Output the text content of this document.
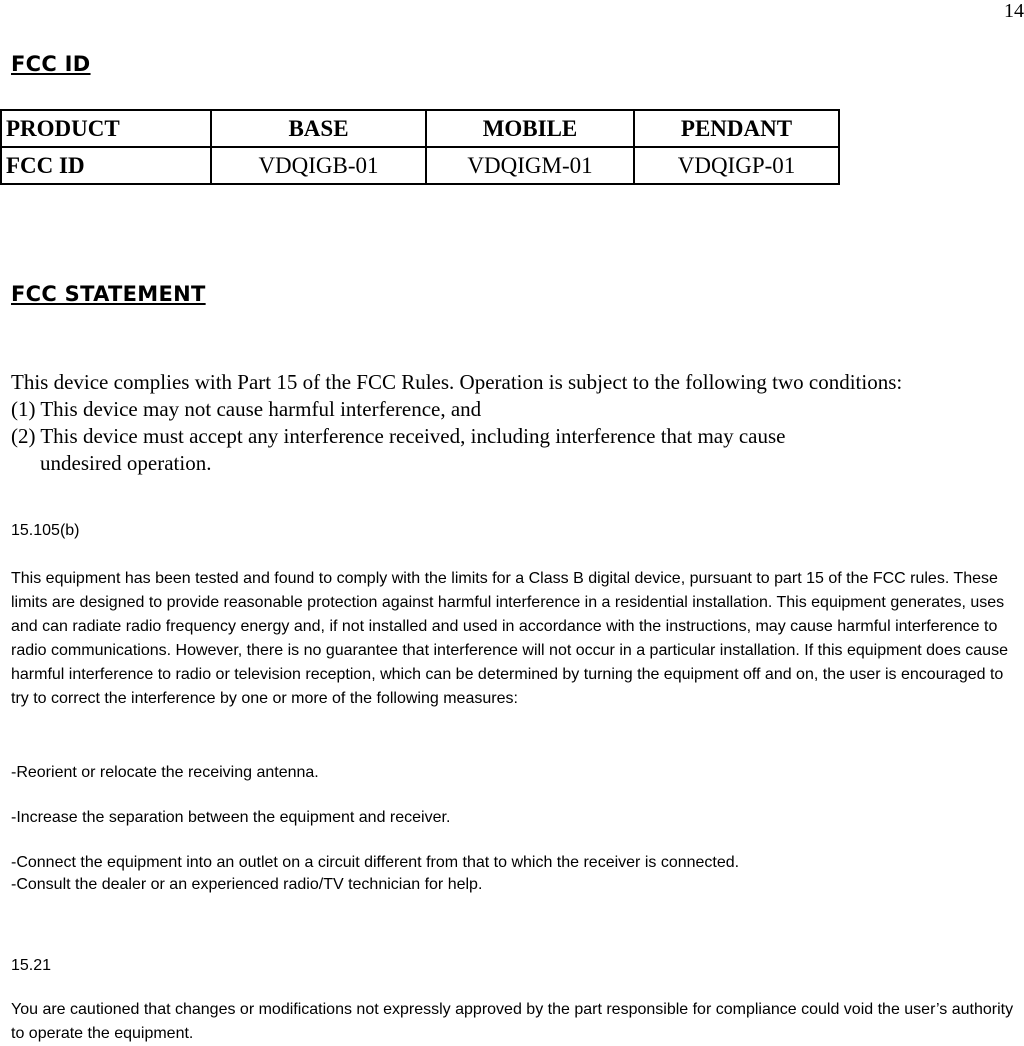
14
FCC ID
PRODUCT	BASE	MOBILE	PENDANT
FCC ID	VDQIGB-01	VDQIGM-01	VDQIGP-01
FCC STATEMENT
This device complies with Part 15 of the FCC Rules. Operation is subject to the following two conditions:
(1) This device may not cause harmful interference, and
(2) This device must accept any interference received, including interference that may cause
undesired operation.

15.105(b)

This equipment has been tested and found to comply with the limits for a Class B digital device, pursuant to part 15 of the FCC rules. These limits are designed to provide reasonable protection against harmful interference in a residential installation. This equipment generates, uses and can radiate radio frequency energy and, if not installed and used in accordance with the instructions, may cause harmful interference to radio communications. However, there is no guarantee that interference will not occur in a particular installation. If this equipment does cause harmful interference to radio or television reception, which can be determined by turning the equipment off and on, the user is encouraged to try to correct the interference by one or more of the following measures:

-Reorient or relocate the receiving antenna.

-Increase the separation between the equipment and receiver.

-Connect the equipment into an outlet on a circuit different from that to which the receiver is connected.

-Consult the dealer or an experienced radio/TV technician for help.

15.21

You are cautioned that changes or modifications not expressly approved by the part responsible for compliance could void the user’s authority to operate the equipment.
